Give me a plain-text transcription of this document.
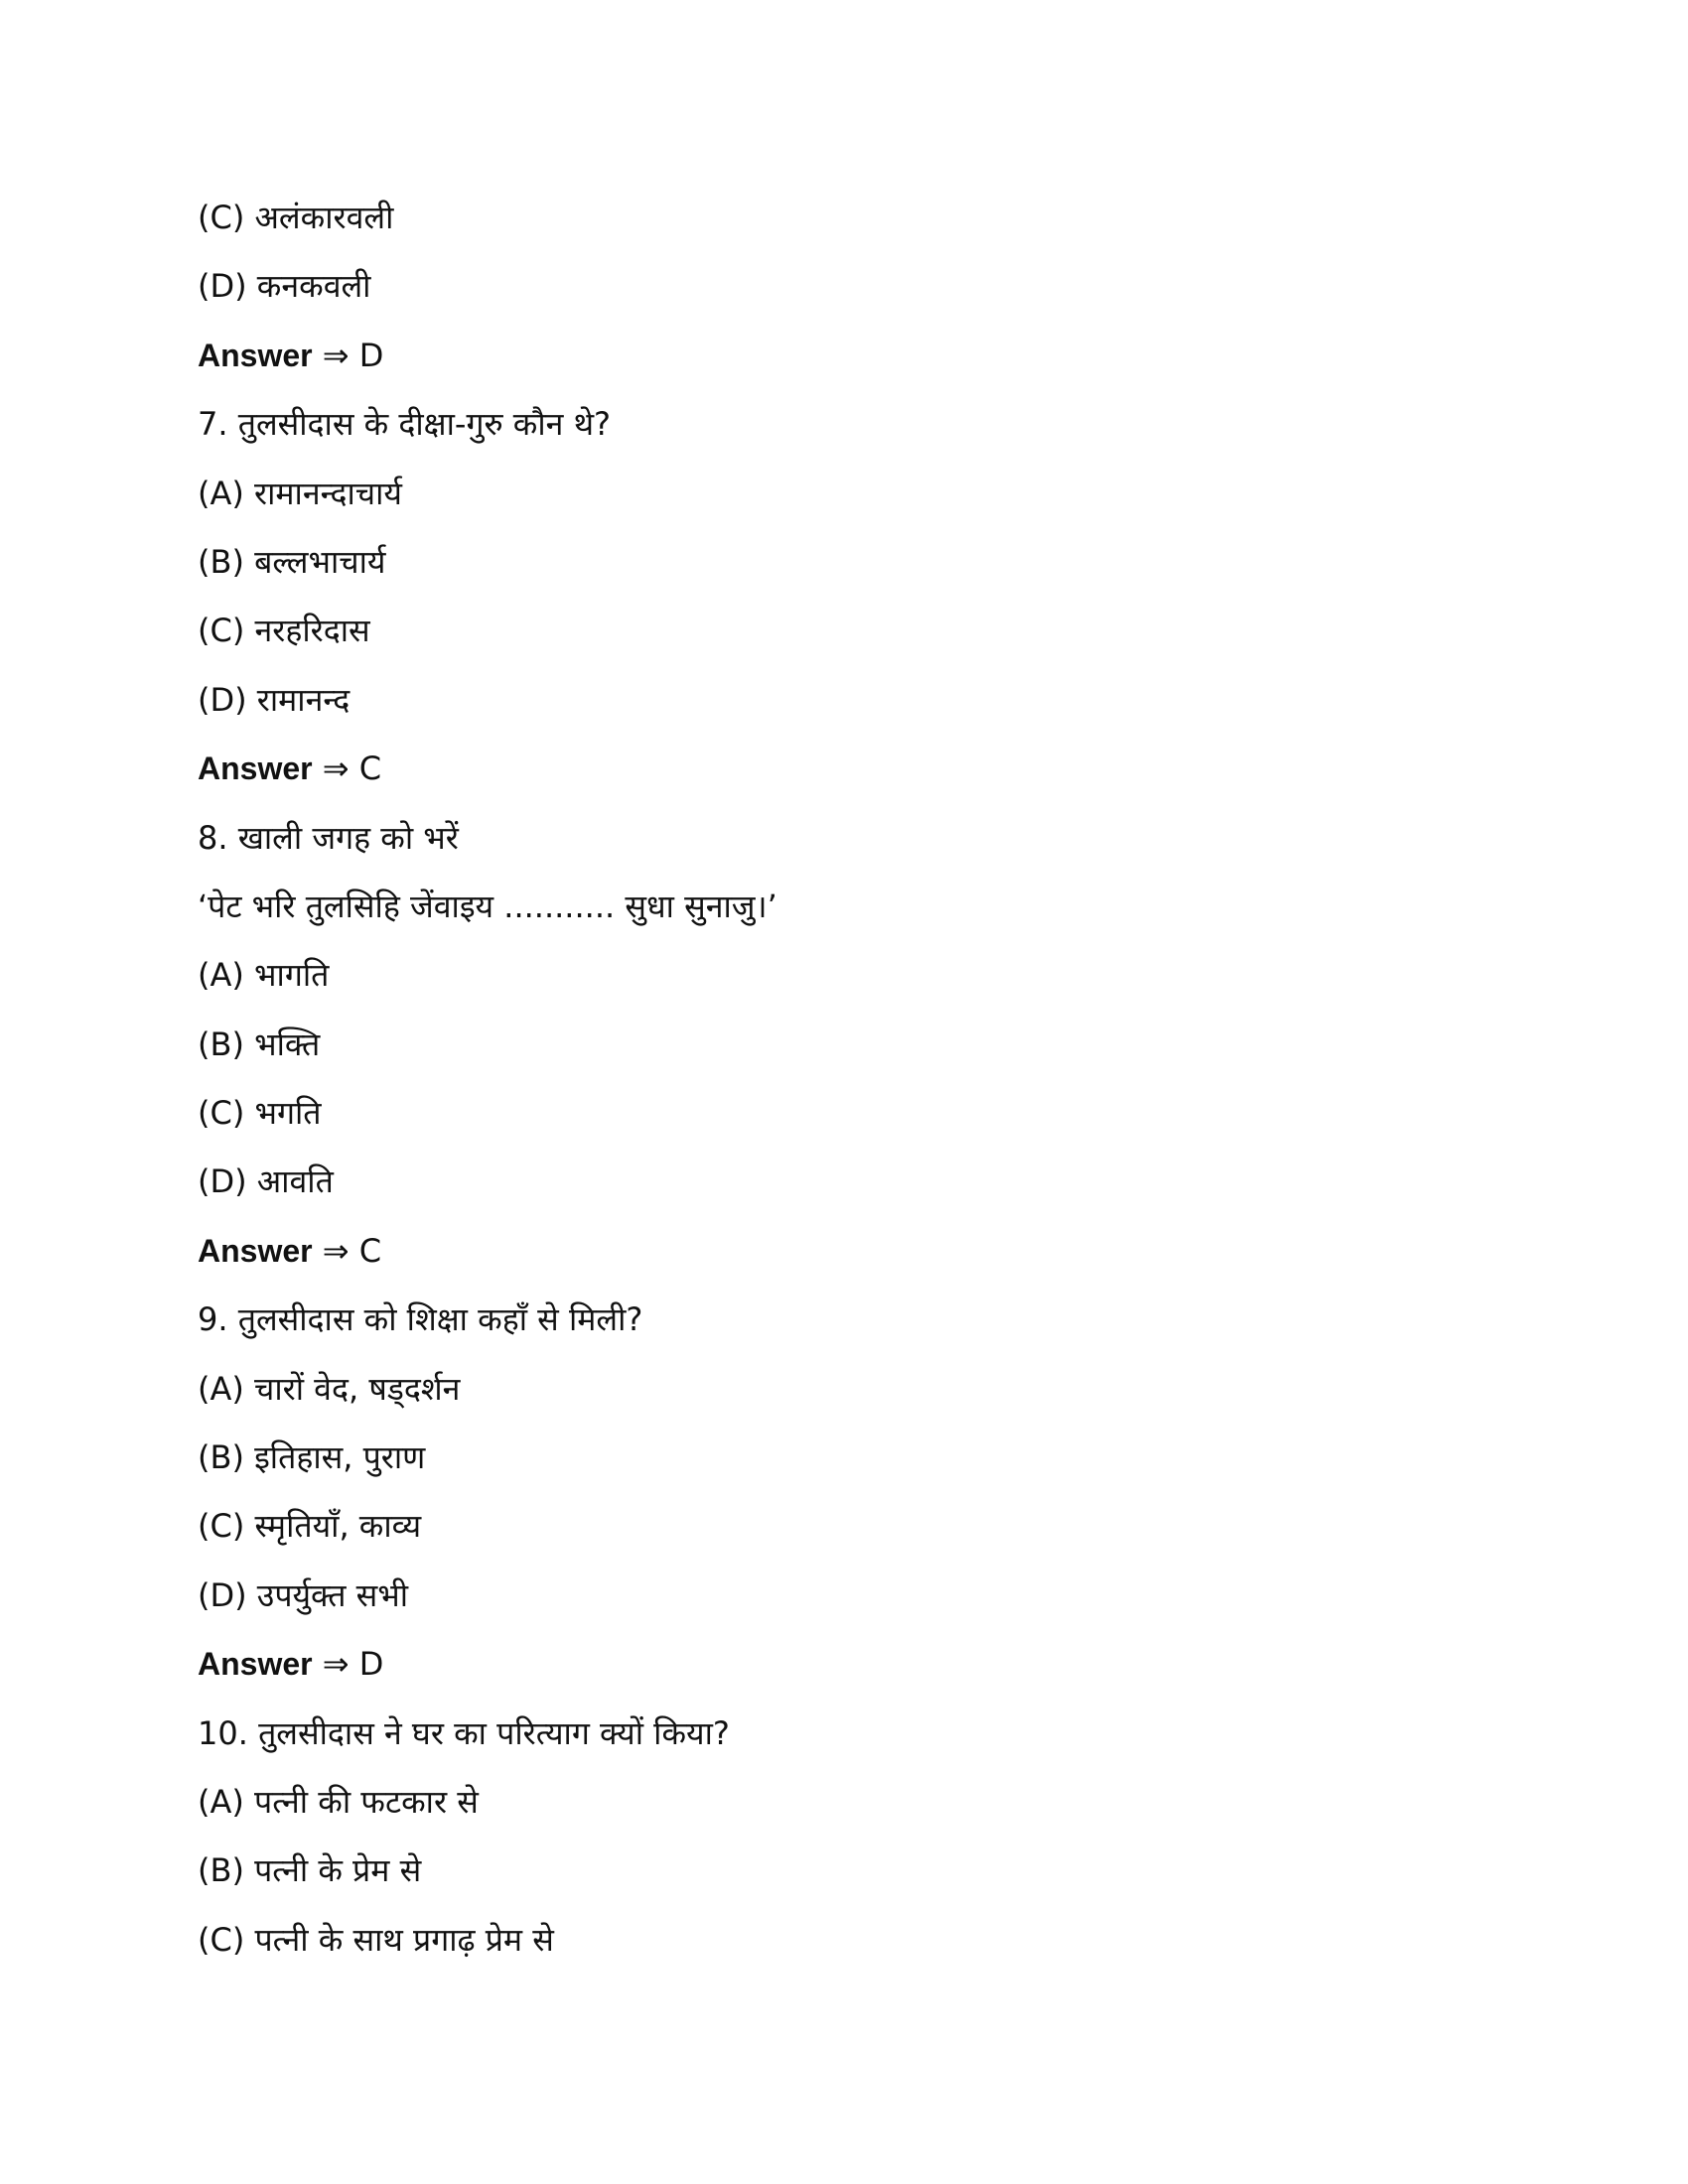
(C) अलंकारवली
(D) कनकवली
Answer ⇒ D
7. तुलसीदास के दीक्षा-गुरु कौन थे?
(A) रामानन्दाचार्य
(B) बल्लभाचार्य
(C) नरहरिदास
(D) रामानन्द
Answer ⇒ C
8. खाली जगह को भरें
‘पेट भरि तुलसिहि जेंवाइय ........... सुधा सुनाजु।’
(A) भागति
(B) भक्ति
(C) भगति
(D) आवति
Answer ⇒ C
9. तुलसीदास को शिक्षा कहाँ से मिली?
(A) चारों वेद, षड्दर्शन
(B) इतिहास, पुराण
(C) स्मृतियाँ, काव्य
(D) उपर्युक्त सभी
Answer ⇒ D
10. तुलसीदास ने घर का परित्याग क्यों किया?
(A) पत्नी की फटकार से
(B) पत्नी के प्रेम से
(C) पत्नी के साथ प्रगाढ़ प्रेम से
